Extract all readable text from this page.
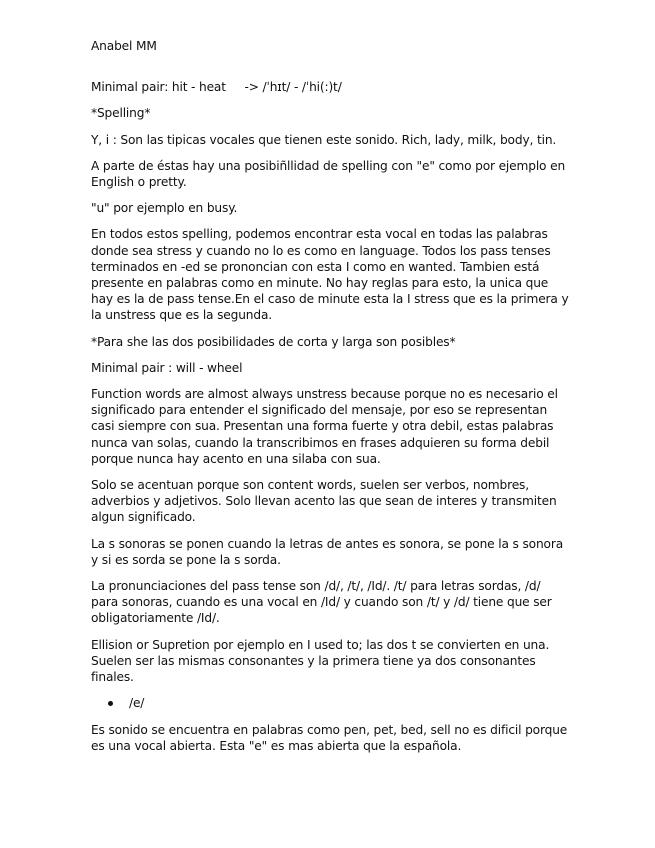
Anabel MM
Minimal pair: hit - heat     -> /ˈhɪt/ - /ˈhi(:)t/
*Spelling*
Y, i : Son las tipicas vocales que tienen este sonido. Rich, lady, milk, body, tin.
A parte de éstas hay una posibiñllidad de spelling con "e" como por ejemplo en English o pretty.
"u" por ejemplo en busy.
En todos estos spelling, podemos encontrar esta vocal en todas las palabras donde sea stress y cuando no lo es como en language. Todos los pass tenses terminados en -ed se prononcian con esta I como en wanted. Tambien está presente en palabras como en minute. No hay reglas para esto, la unica que hay es la de pass tense.En el caso de minute esta la I stress que es la primera y la unstress que es la segunda.
*Para she las dos posibilidades de corta y larga son posibles*
Minimal pair : will - wheel
Function words are almost always unstress because porque no es necesario el significado para entender el significado del mensaje, por eso se representan casi siempre con sua. Presentan una forma fuerte y otra debil, estas palabras nunca van solas, cuando la transcribimos en frases adquieren su forma debil porque nunca hay acento en una silaba con sua.
Solo se acentuan porque son content words, suelen ser verbos, nombres, adverbios y adjetivos. Solo llevan acento las que sean de interes y transmiten algun significado.
La s sonoras se ponen cuando la letras de antes es sonora, se pone la s sonora y si es sorda se pone la s sorda.
La pronunciaciones del pass tense son /d/, /t/, /Id/. /t/ para letras sordas, /d/ para sonoras, cuando es una vocal en /Id/ y cuando son /t/ y /d/ tiene que ser obligatoriamente /Id/.
Ellision or Supretion por ejemplo en I used to; las dos t se convierten en una. Suelen ser las mismas consonantes y la primera tiene ya dos consonantes finales.
/e/
Es sonido se encuentra en palabras como pen, pet, bed, sell no es dificil porque es una vocal abierta. Esta "e" es mas abierta que la española.
